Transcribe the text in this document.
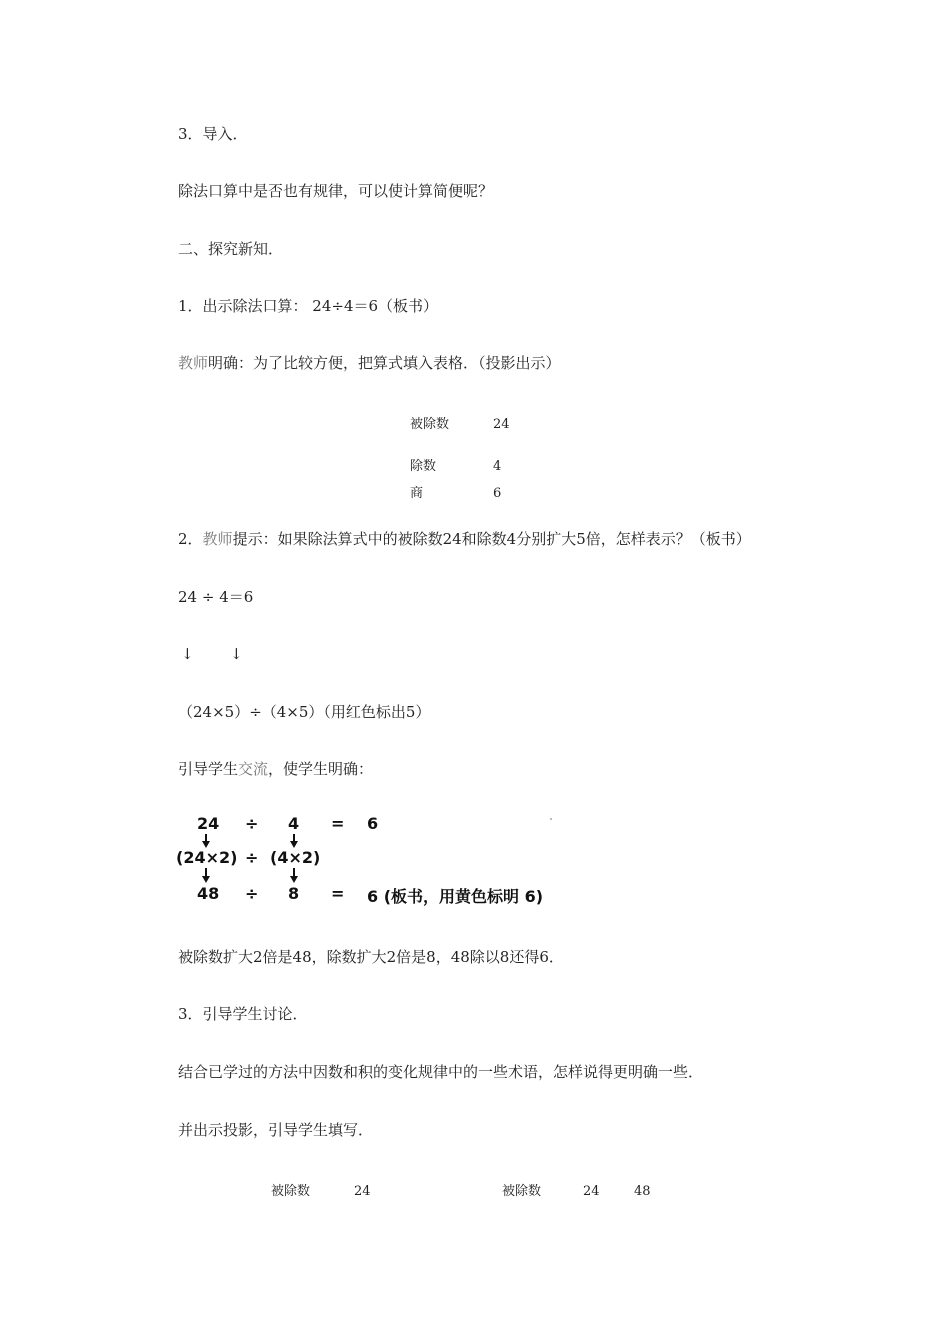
3．导入．
除法口算中是否也有规律，可以使计算简便呢？
二、探究新知．
1．出示除法口算： 24÷4＝6（板书）
教师明确：为了比较方便，把算式填入表格．（投影出示）
被除数	24
除数	4
商	6
2．教师提示：如果除法算式中的被除数24和除数4分别扩大5倍，怎样表示？（板书）
24 ÷ 4＝6
↓ ↓
（24×5）÷（4×5）（用红色标出5）
引导学生交流，使学生明确：
24 ÷ 4 = 6
(24×2) ÷ (4×2)
48 ÷ 8 = 6 (板书，用黄色标明 6)
被除数扩大2倍是48，除数扩大2倍是8，48除以8还得6．
3．引导学生讨论．
结合已学过的方法中因数和积的变化规律中的一些术语，怎样说得更明确一些．
并出示投影，引导学生填写．
被除数	24	被除数	24	48
